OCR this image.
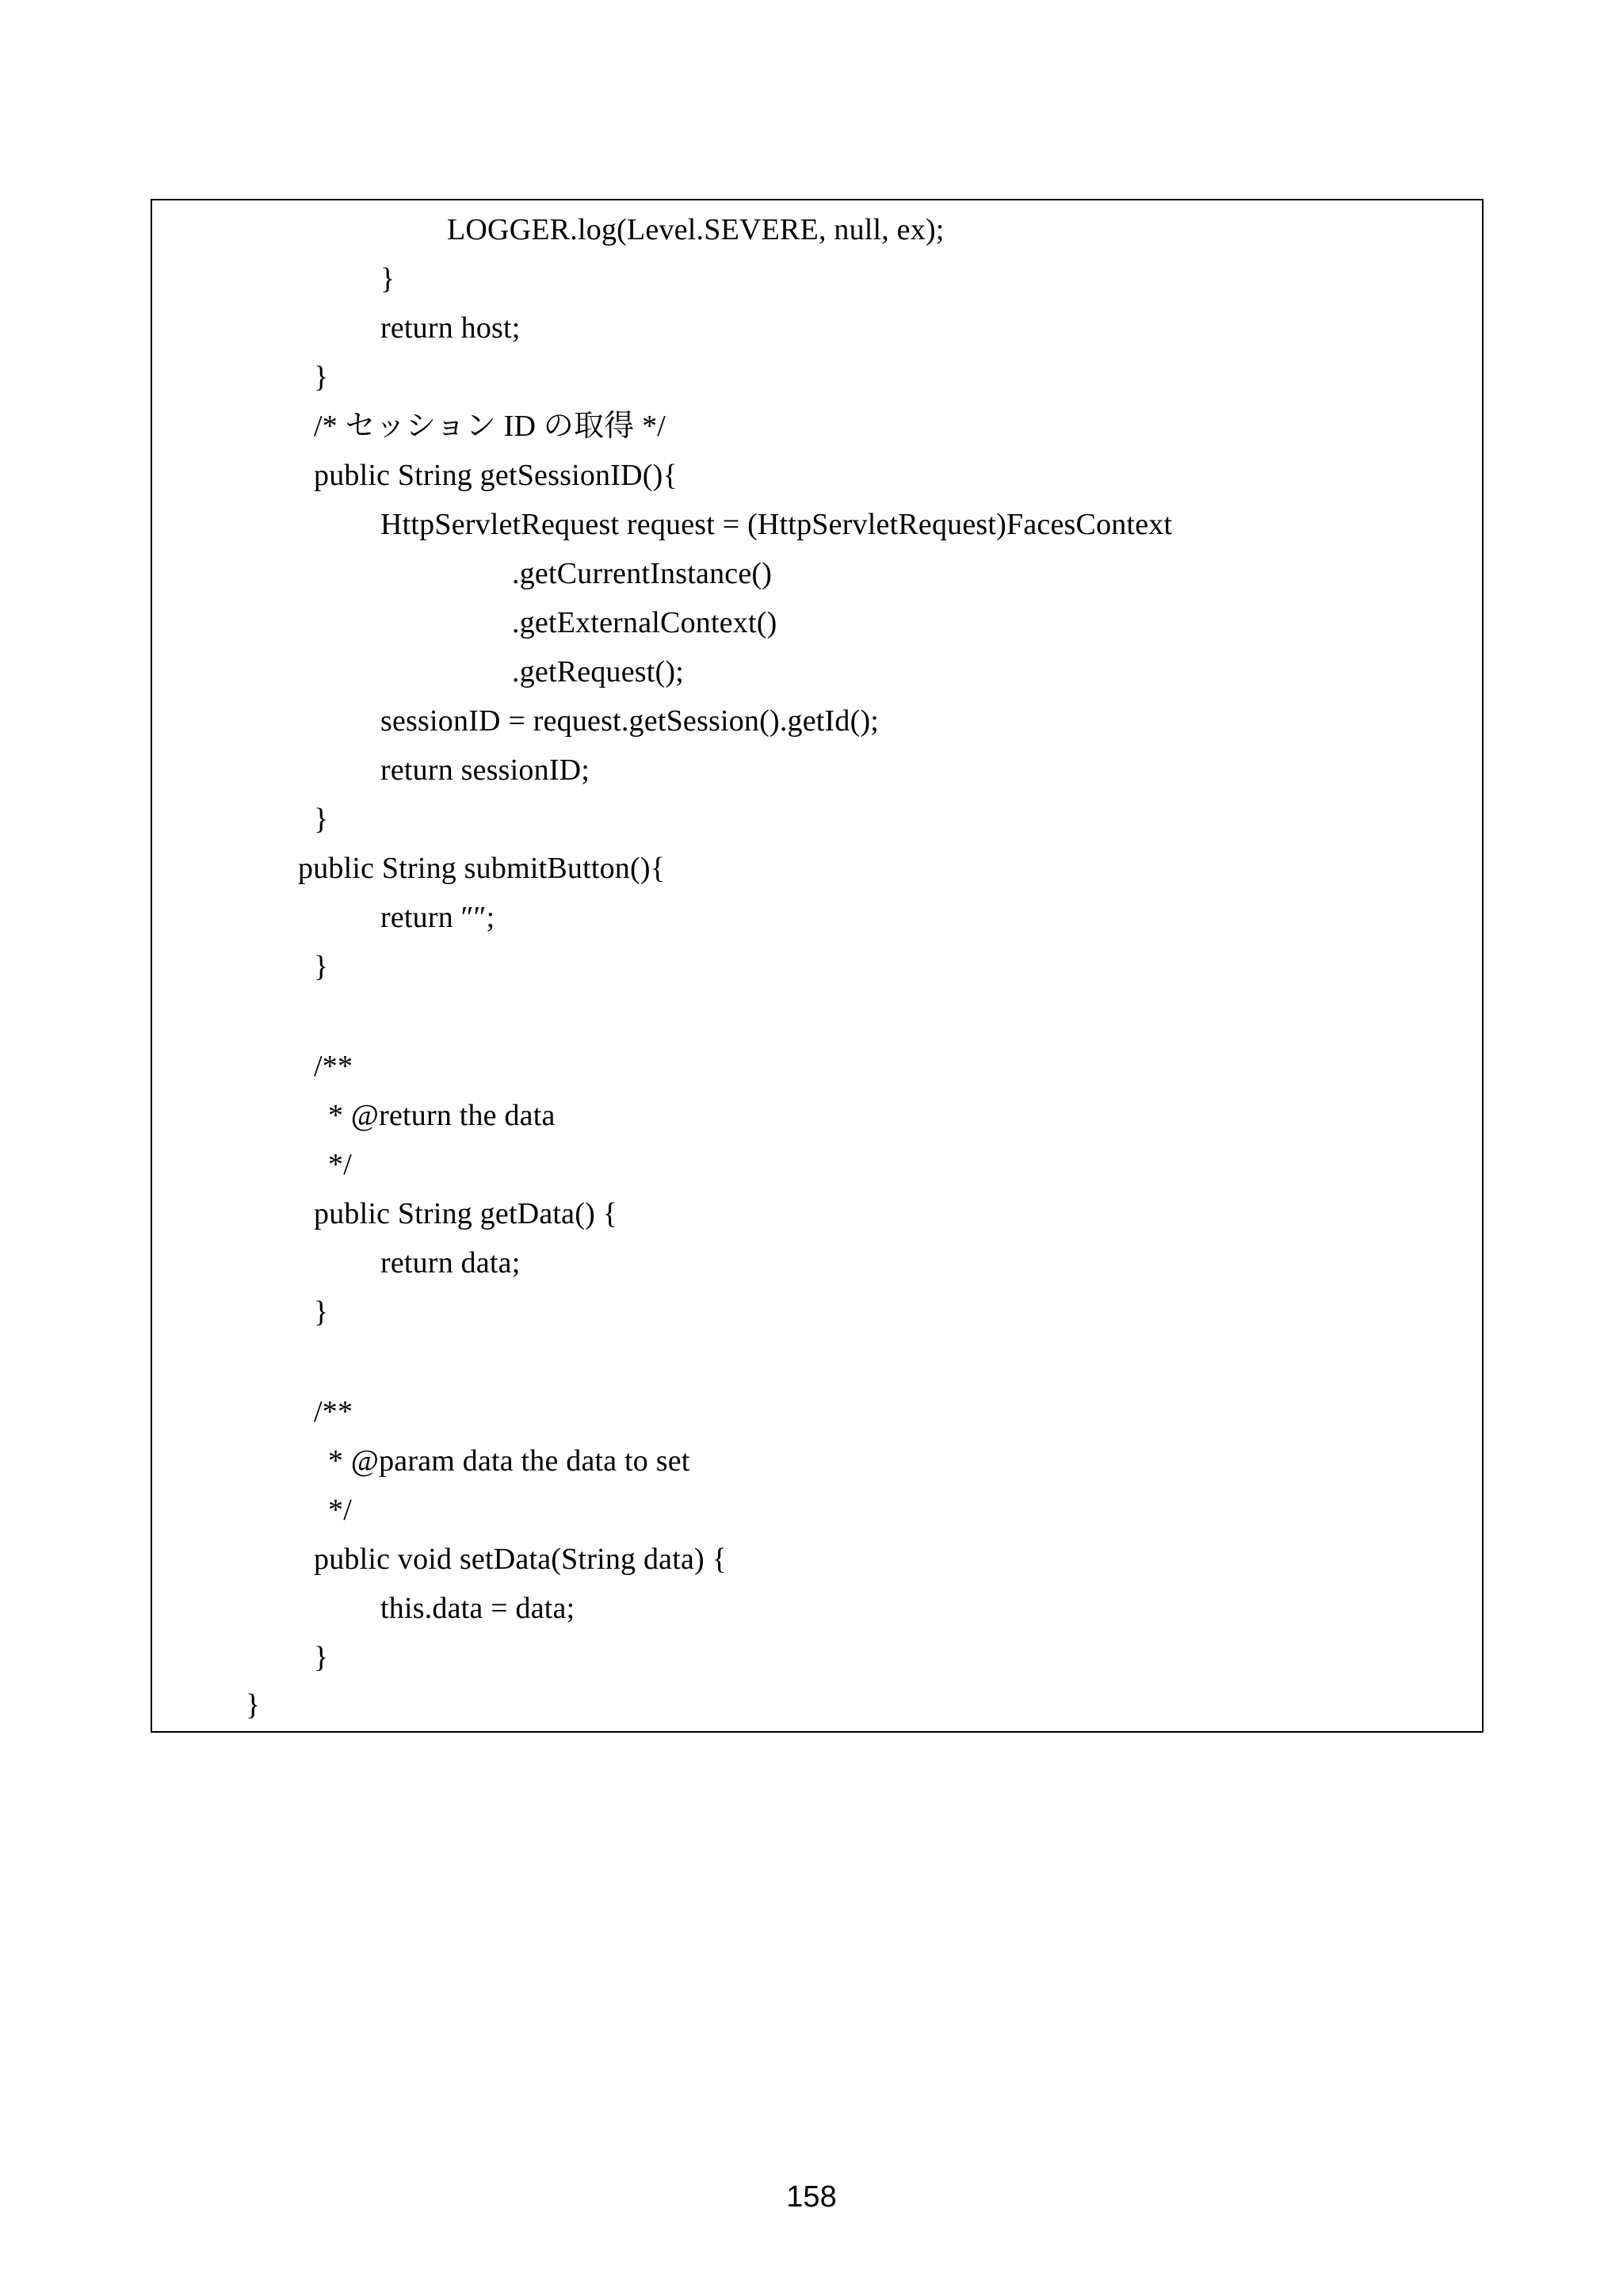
LOGGER.log(Level.SEVERE, null, ex);
}
return host;
}
/* セッション ID の取得 */
public String getSessionID(){
HttpServletRequest request = (HttpServletRequest)FacesContext
.getCurrentInstance()
.getExternalContext()
.getRequest();
sessionID = request.getSession().getId();
return sessionID;
}
public String submitButton(){
return ″″;
}
/**
* @return the data
*/
public String getData() {
return data;
}
/**
* @param data the data to set
*/
public void setData(String data) {
this.data = data;
}
}
158
